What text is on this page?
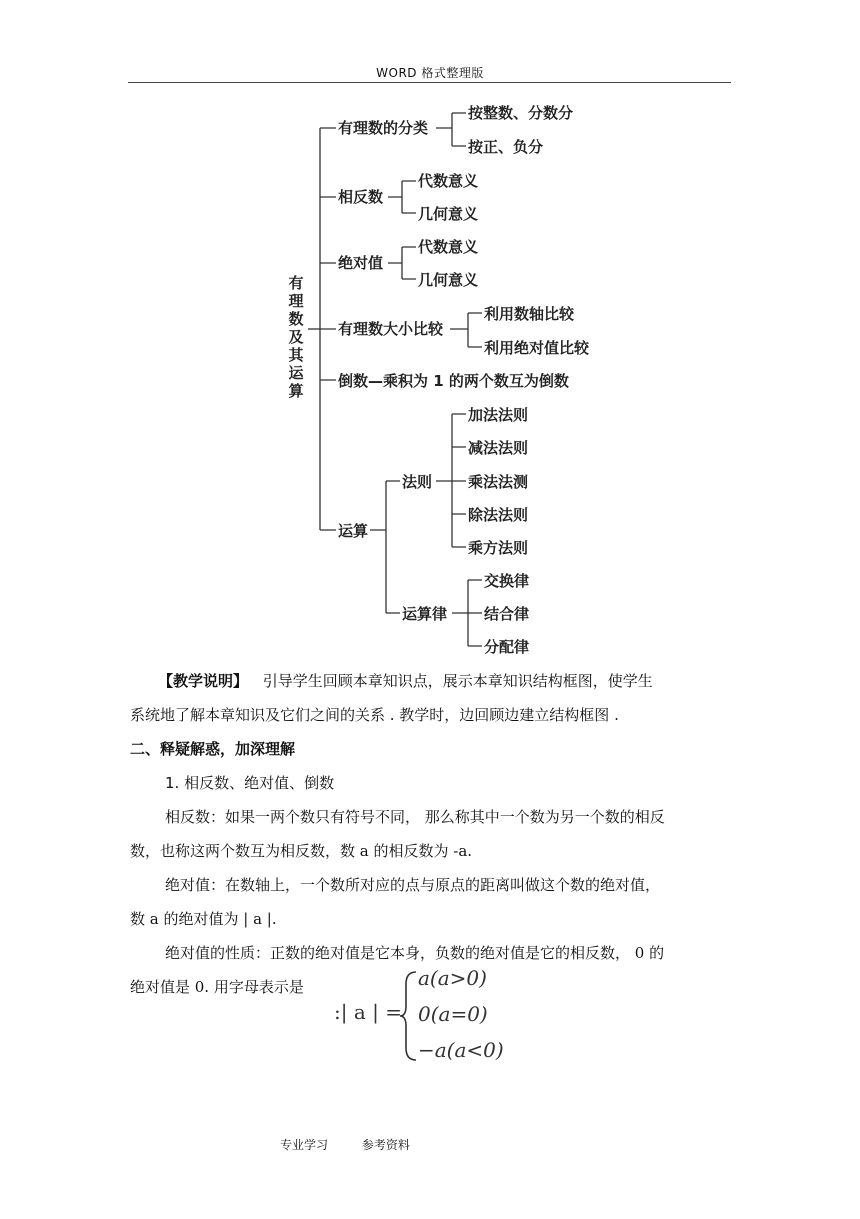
WORD 格式整理版
有理数及其运算
有理数的分类
按整数、分数分
按正、负分
相反数
代数意义
几何意义
绝对值
代数意义
几何意义
有理数大小比较
利用数轴比较
利用绝对值比较
倒数—乘积为 1 的两个数互为倒数
运算
法则
加法法则
减法法则
乘法法测
除法法则
乘方法则
运算律
交换律
结合律
分配律
【教学说明】 引导学生回顾本章知识点，展示本章知识结构框图，使学生
系统地了解本章知识及它们之间的关系 . 教学时，边回顾边建立结构框图 .
二、释疑解惑，加深理解
1. 相反数、绝对值、倒数
相反数：如果一两个数只有符号不同， 那么称其中一个数为另一个数的相反
数，也称这两个数互为相反数，数 a 的相反数为 -a.
绝对值：在数轴上，一个数所对应的点与原点的距离叫做这个数的绝对值，
数 a 的绝对值为 | a |.
绝对值的性质：正数的绝对值是它本身，负数的绝对值是它的相反数， 0 的
绝对值是 0. 用字母表示是
:| a | =
a(a>0)
0(a=0)
−a(a<0)
专业学习	参考资料
